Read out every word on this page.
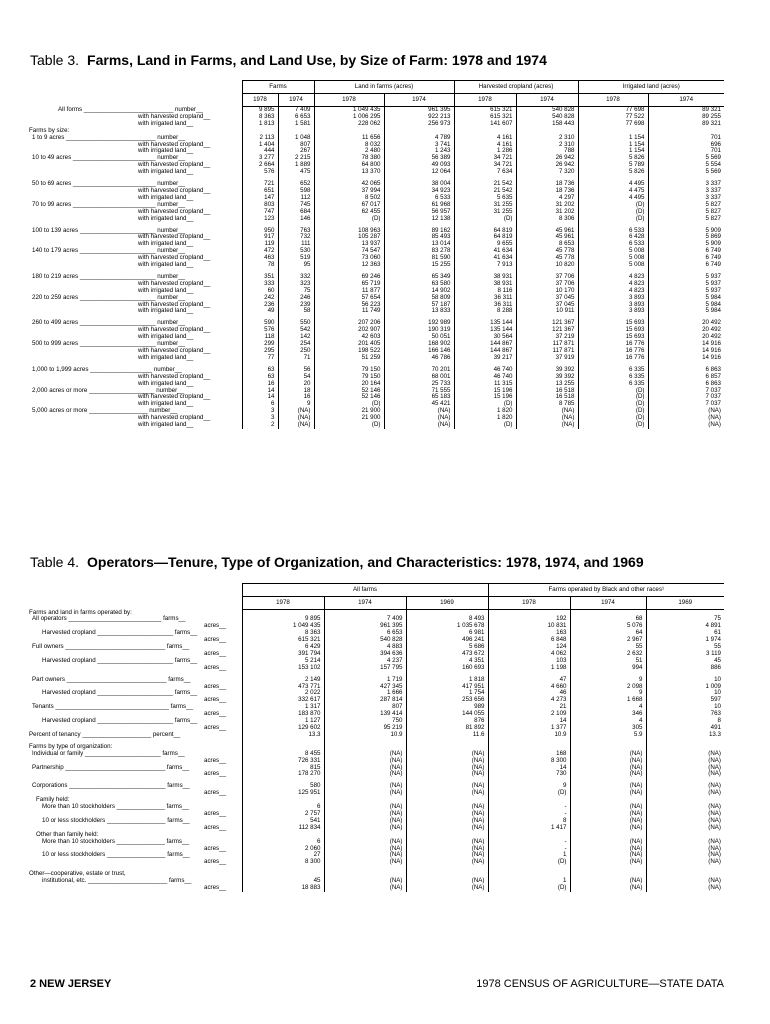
Table 3. Farms, Land in Farms, and Land Use, by Size of Farm: 1978 and 1974
	Farms		Land in farms (acres)		Harvested cropland (acres)		Irrigated land (acres)	
	1978	1974	1978	1974	1978	1974	1978	1974
All forms __________________________ number__	9 895	7 409	1 049 435	961 395	615 321	540 828	77 698	89 321
with harvested cropland__	8 363	6 653	1 006 295	922 213	615 321	540 828	77 522	89 255
with irrigated land__	1 813	1 581	228 062	256 973	141 607	158 443	77 698	89 321
Farms by size:								
1 to 9 acres __________________________ number__	2 113	1 048	11 656	4 789	4 161	2 310	1 154	701
with harvested cropland__	1 404	807	8 032	3 741	4 161	2 310	1 154	696
with irrigated land__	444	267	2 480	1 243	1 286	788	1 154	701
10 to 49 acres ________________________ number__	3 277	2 215	78 380	56 389	34 721	26 942	5 826	5 569
with harvested cropland__	2 664	1 889	64 800	49 093	34 721	26 942	5 789	5 554
with irrigated land__	576	475	13 370	12 064	7 634	7 320	5 826	5 569

50 to 69 acres ________________________ number__	721	652	42 065	38 004	21 542	18 736	4 495	3 337
with harvested cropland__	651	598	37 994	34 923	21 542	18 736	4 475	3 337
with irrigated land__	147	112	8 502	6 533	5 635	4 297	4 495	3 337
70 to 99 acres ________________________ number__	803	745	67 017	61 968	31 255	31 202	(D)	5 827
with harvested cropland__	747	684	62 455	56 957	31 255	31 202	(D)	5 827
with irrigated land__	123	146	(D)	12 138	(D)	8 306	(D)	5 827

100 to 139 acres ______________________ number__	950	763	108 963	89 162	64 819	45 961	6 533	5 909
with harvested cropland__	917	732	105 287	85 493	64 819	45 961	6 428	5 869
with irrigated land__	119	111	13 937	13 014	9 655	8 653	6 533	5 909
140 to 179 acres ______________________ number__	472	530	74 547	83 278	41 634	45 778	5 008	6 749
with harvested cropland__	463	519	73 060	81 590	41 634	45 778	5 008	6 749
with irrigated land__	78	95	12 363	15 255	7 913	10 820	5 008	6 749

180 to 219 acres ______________________ number__	351	332	69 246	65 349	38 931	37 706	4 823	5 937
with harvested cropland__	333	323	65 719	63 580	38 931	37 706	4 823	5 937
with irrigated land__	60	75	11 877	14 902	8 116	10 170	4 823	5 937
220 to 259 acres ______________________ number__	242	246	57 654	58 809	36 311	37 045	3 893	5 984
with harvested cropland__	236	239	56 223	57 187	36 311	37 045	3 893	5 984
with irrigated land__	49	58	11 749	13 833	8 288	10 911	3 893	5 984

260 to 499 acres ______________________ number__	590	550	207 206	192 989	135 144	121 367	15 693	20 492
with harvested cropland__	576	542	202 907	190 319	135 144	121 367	15 693	20 492
with irrigated land__	118	142	42 603	50 051	30 564	37 219	15 693	20 492
500 to 999 acres ______________________ number__	299	254	201 405	168 902	144 867	117 871	16 776	14 916
with harvested cropland__	295	250	198 522	166 146	144 867	117 871	16 776	14 916
with irrigated land__	77	71	51 259	46 786	39 217	37 919	16 776	14 916

1,000 to 1,999 acres __________________ number__	63	56	79 150	70 201	46 740	39 392	6 335	6 863
with harvested cropland__	63	54	79 150	68 001	46 740	39 392	6 335	6 857
with irrigated land__	16	20	20 164	25 733	11 315	13 255	6 335	6 863
2,000 acres or more ___________________ number__	14	18	52 146	71 555	15 196	16 518	(D)	7 037
with harvested cropland__	14	16	52 146	65 183	15 196	16 518	(D)	7 037
with irrigated land__	6	9	(D)	45 421	(D)	8 785	(D)	7 037
5,000 acres or more _________________ number__	3	(NA)	21 900	(NA)	1 820	(NA)	(D)	(NA)
with harvested cropland__	3	(NA)	21 900	(NA)	1 820	(NA)	(D)	(NA)
with irrigated land__	2	(NA)	(D)	(NA)	(D)	(NA)	(D)	(NA)
Table 4. Operators—Tenure, Type of Organization, and Characteristics: 1978, 1974, and 1969
	All farms			Farms operated by Black and other races¹		
	1978	1974	1969	1978	1974	1969
Farms and land in farms operated by:						
All operators ___________________________ farms__	9 895	7 409	8 493	192	68	75
acres__	1 049 435	961 395	1 035 678	10 831	5 076	4 891
Harvested cropland ______________________ farms__	8 363	6 653	6 981	163	64	61
acres__	615 321	540 828	496 241	6 848	2 967	1 974
Full owners _____________________________ farms__	6 429	4 883	5 686	124	55	55
acres__	391 794	394 636	473 672	4 062	2 632	3 119
Harvested cropland ______________________ farms__	5 214	4 237	4 351	103	51	45
acres__	153 102	157 795	160 693	1 198	994	886

Part owners _____________________________ farms__	2 149	1 719	1 818	47	9	10
acres__	473 771	427 345	417 951	4 660	2 098	1 009
Harvested cropland ______________________ farms__	2 022	1 666	1 754	46	9	10
acres__	332 617	287 814	253 656	4 273	1 668	597
Tenants _________________________________ farms__	1 317	807	989	21	4	10
acres__	183 870	139 414	144 055	2 109	346	763
Harvested cropland ______________________ farms__	1 127	750	876	14	4	8
acres__	129 602	95 219	81 892	1 377	305	491
Percent of tenancy ____________________ percent__	13.3	10.9	11.6	10.9	5.9	13.3

Farms by type of organization:						
Individual or family ______________________ farms__	8 455	(NA)	(NA)	168	(NA)	(NA)
acres__	726 331	(NA)	(NA)	8 300	(NA)	(NA)
Partnership _____________________________ farms__	815	(NA)	(NA)	14	(NA)	(NA)
acres__	178 270	(NA)	(NA)	730	(NA)	(NA)

Corporations ____________________________ farms__	580	(NA)	(NA)	9	(NA)	(NA)
acres__	125 951	(NA)	(NA)	(D)	(NA)	(NA)
Family held:						
More than 10 stockholders ______________ farms__	6	(NA)	(NA)	-	(NA)	(NA)
acres__	2 757	(NA)	(NA)	-	(NA)	(NA)
10 or less stockholders _________________ farms__	541	(NA)	(NA)	8	(NA)	(NA)
acres__	112 834	(NA)	(NA)	1 417	(NA)	(NA)
Other than family held:						
More than 10 stockholders ______________ farms__	6	(NA)	(NA)	-	(NA)	(NA)
acres__	2 060	(NA)	(NA)	-	(NA)	(NA)
10 or less stockholders _________________ farms__	27	(NA)	(NA)	1	(NA)	(NA)
acres__	8 300	(NA)	(NA)	(D)	(NA)	(NA)

Other—cooperative, estate or trust,						
institutional, etc. _______________________ farms__	45	(NA)	(NA)	1	(NA)	(NA)
acres__	18 883	(NA)	(NA)	(D)	(NA)	(NA)
2 NEW JERSEY	1978 CENSUS OF AGRICULTURE—STATE DATA
